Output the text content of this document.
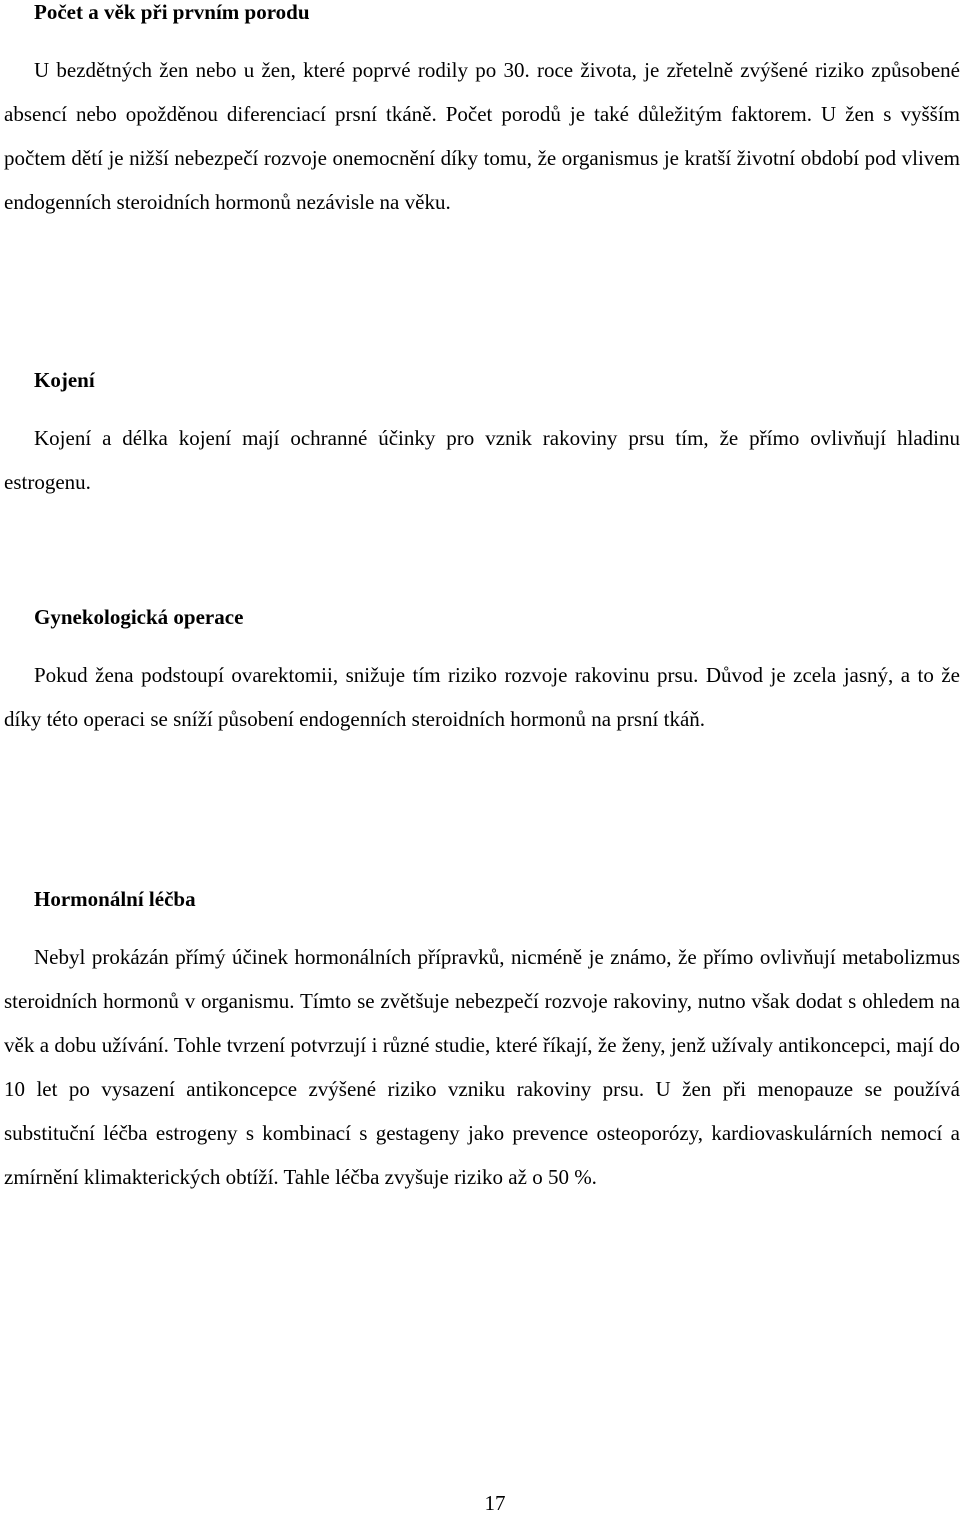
Počet a věk při prvním porodu

U bezdětných žen nebo u žen, které poprvé rodily po 30. roce života, je zřetelně zvýšené riziko způsobené absencí nebo opožděnou diferenciací prsní tkáně. Počet porodů je také důležitým faktorem. U žen s vyšším počtem dětí je nižší nebezpečí rozvoje onemocnění díky tomu, že organismus je kratší životní období pod vlivem endogenních steroidních hormonů nezávisle na věku.

Kojení

Kojení a délka kojení mají ochranné účinky pro vznik rakoviny prsu tím, že přímo ovlivňují hladinu estrogenu.

Gynekologická operace

Pokud žena podstoupí ovarektomii, snižuje tím riziko rozvoje rakovinu prsu. Důvod je zcela jasný, a to že díky této operaci se sníží působení endogenních steroidních hormonů na prsní tkáň.

Hormonální léčba

Nebyl prokázán přímý účinek hormonálních přípravků, nicméně je známo, že přímo ovlivňují metabolizmus steroidních hormonů v organismu. Tímto se zvětšuje nebezpečí rozvoje rakoviny, nutno však dodat s ohledem na věk a dobu užívání. Tohle tvrzení potvrzují i různé studie, které říkají, že ženy, jenž užívaly antikoncepci, mají do 10 let po vysazení antikoncepce zvýšené riziko vzniku rakoviny prsu. U žen při menopauze se používá substituční léčba estrogeny s kombinací s gestageny jako prevence osteoporózy, kardiovaskulárních nemocí a zmírnění klimakterických obtíží. Tahle léčba zvyšuje riziko až o 50 %.

17
